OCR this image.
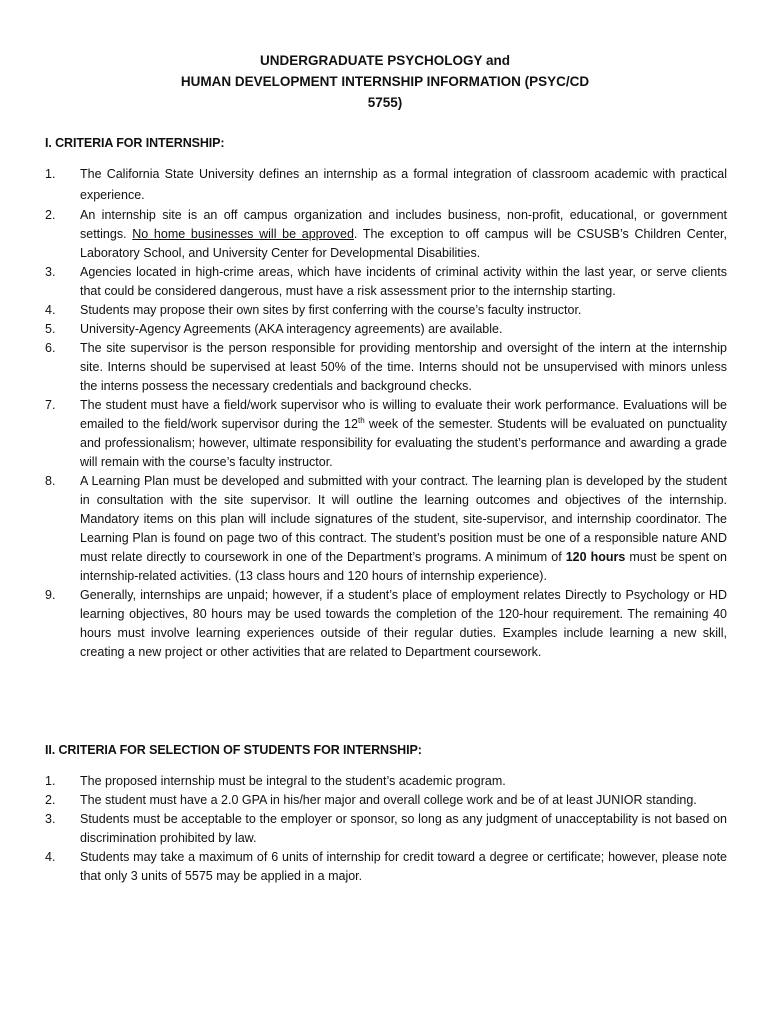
UNDERGRADUATE PSYCHOLOGY and
HUMAN DEVELOPMENT INTERNSHIP INFORMATION (PSYC/CD
5755)
I. CRITERIA FOR INTERNSHIP:
1.	The California State University defines an internship as a formal integration of classroom academic with practical experience.
2.	An internship site is an off campus organization and includes business, non-profit, educational, or government settings. No home businesses will be approved. The exception to off campus will be CSUSB’s Children Center, Laboratory School, and University Center for Developmental Disabilities.
3.	Agencies located in high-crime areas, which have incidents of criminal activity within the last year, or serve clients that could be considered dangerous, must have a risk assessment prior to the internship starting.
4.	Students may propose their own sites by first conferring with the course’s faculty instructor.
5.	University-Agency Agreements (AKA interagency agreements) are available.
6.	The site supervisor is the person responsible for providing mentorship and oversight of the intern at the internship site. Interns should be supervised at least 50% of the time. Interns should not be unsupervised with minors unless the interns possess the necessary credentials and background checks.
7.	The student must have a field/work supervisor who is willing to evaluate their work performance. Evaluations will be emailed to the field/work supervisor during the 12th week of the semester. Students will be evaluated on punctuality and professionalism; however, ultimate responsibility for evaluating the student’s performance and awarding a grade will remain with the course’s faculty instructor.
8.	A Learning Plan must be developed and submitted with your contract. The learning plan is developed by the student in consultation with the site supervisor. It will outline the learning outcomes and objectives of the internship. Mandatory items on this plan will include signatures of the student, site-supervisor, and internship coordinator. The Learning Plan is found on page two of this contract. The student’s position must be one of a responsible nature AND must relate directly to coursework in one of the Department’s programs. A minimum of 120 hours must be spent on internship-related activities. (13 class hours and 120 hours of internship experience).
9.	Generally, internships are unpaid; however, if a student’s place of employment relates Directly to Psychology or HD learning objectives, 80 hours may be used towards the completion of the 120-hour requirement. The remaining 40 hours must involve learning experiences outside of their regular duties. Examples include learning a new skill, creating a new project or other activities that are related to Department coursework.
II. CRITERIA FOR SELECTION OF STUDENTS FOR INTERNSHIP:
1.	The proposed internship must be integral to the student’s academic program.
2.	The student must have a 2.0 GPA in his/her major and overall college work and be of at least JUNIOR standing.
3.	Students must be acceptable to the employer or sponsor, so long as any judgment of unacceptability is not based on discrimination prohibited by law.
4.	Students may take a maximum of 6 units of internship for credit toward a degree or certificate; however, please note that only 3 units of 5575 may be applied in a major.
